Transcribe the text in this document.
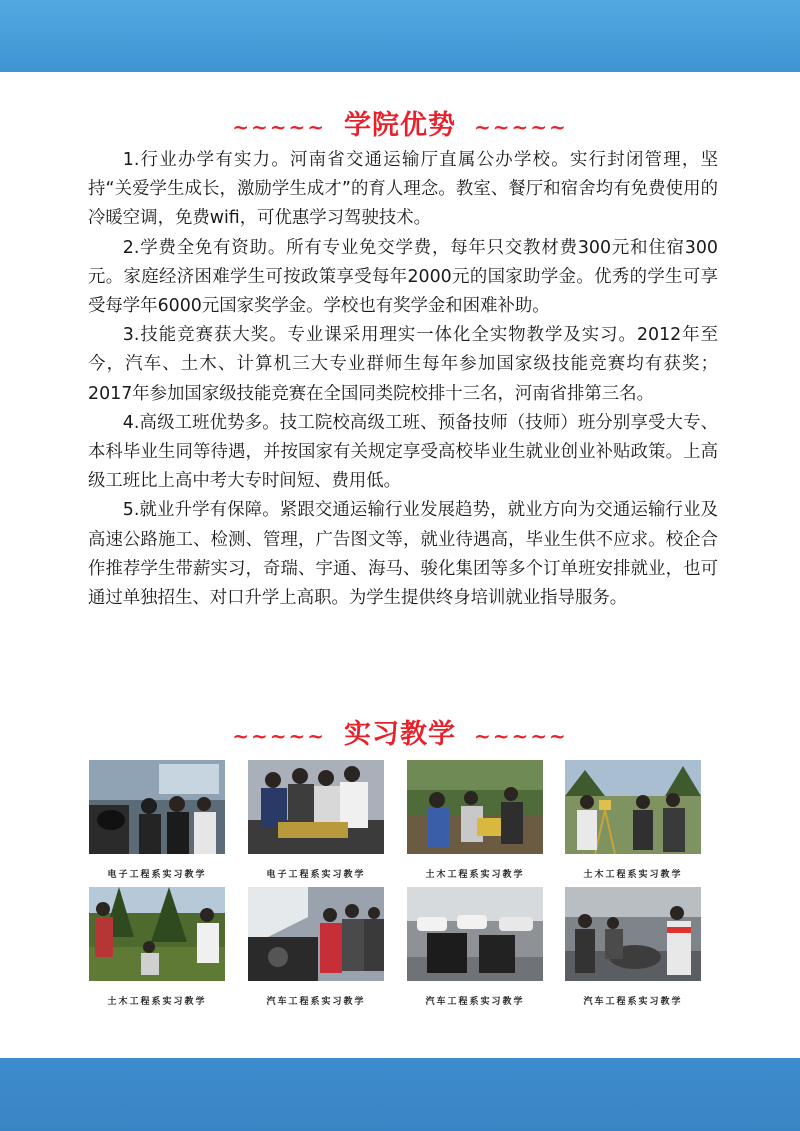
~~~~~ 学院优势 ~~~~~

1.行业办学有实力。河南省交通运输厅直属公办学校。实行封闭管理，坚持“关爱学生成长，激励学生成才”的育人理念。教室、餐厅和宿舍均有免费使用的冷暖空调，免费wifi，可优惠学习驾驶技术。

2.学费全免有资助。所有专业免交学费，每年只交教材费300元和住宿300元。家庭经济困难学生可按政策享受每年2000元的国家助学金。优秀的学生可享受每学年6000元国家奖学金。学校也有奖学金和困难补助。

3.技能竞赛获大奖。专业课采用理实一体化全实物教学及实习。2012年至今，汽车、土木、计算机三大专业群师生每年参加国家级技能竞赛均有获奖；2017年参加国家级技能竞赛在全国同类院校排十三名，河南省排第三名。

4.高级工班优势多。技工院校高级工班、预备技师（技师）班分别享受大专、本科毕业生同等待遇，并按国家有关规定享受高校毕业生就业创业补贴政策。上高级工班比上高中考大专时间短、费用低。

5.就业升学有保障。紧跟交通运输行业发展趋势，就业方向为交通运输行业及高速公路施工、检测、管理，广告图文等，就业待遇高，毕业生供不应求。校企合作推荐学生带薪实习，奇瑞、宇通、海马、骏化集团等多个订单班安排就业，也可通过单独招生、对口升学上高职。为学生提供终身培训就业指导服务。

~~~~~ 实习教学 ~~~~~
电子工程系实习教学	电子工程系实习教学	土木工程系实习教学	土木工程系实习教学
土木工程系实习教学	汽车工程系实习教学	汽车工程系实习教学	汽车工程系实习教学
